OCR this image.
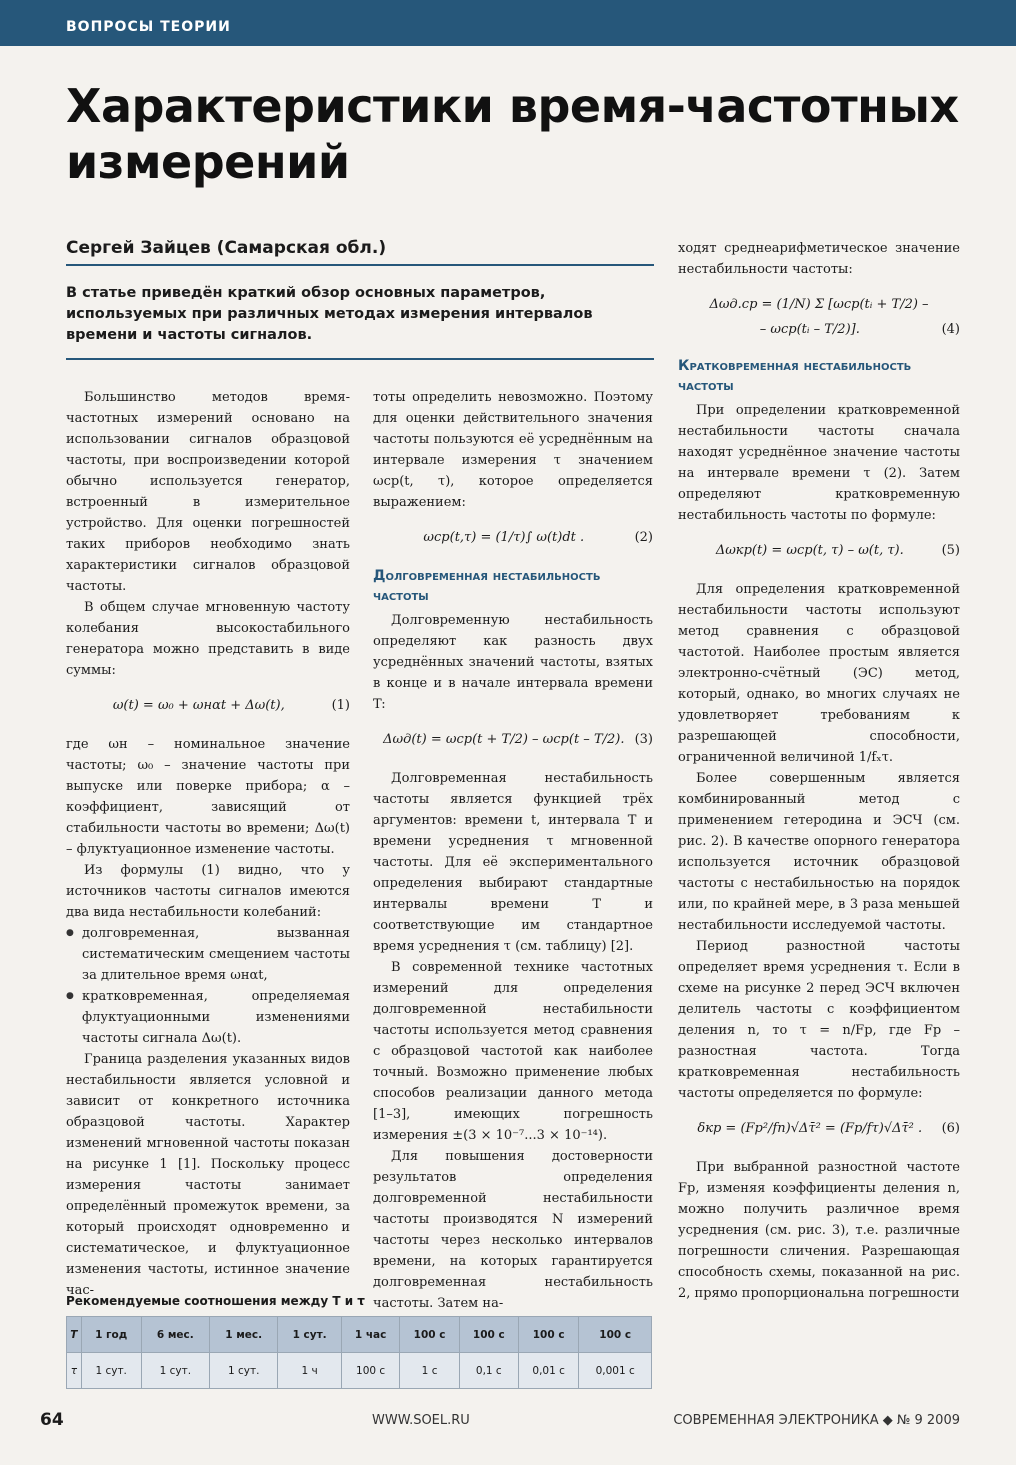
ВОПРОСЫ ТЕОРИИ
Характеристики время-частотных
измерений
Сергей Зайцев (Самарская обл.)
В статье приведён краткий обзор основных параметров, используемых при различных методах измерения интервалов времени и частоты сигналов.

Большинство методов время-частотных измерений основано на использовании сигналов образцовой частоты, при воспроизведении которой обычно используется генератор, встроенный в измерительное устройство. Для оценки погрешностей таких приборов необходимо знать характеристики сигналов образцовой частоты.

В общем случае мгновенную частоту колебания высокостабильного генератора можно представить в виде суммы:

ω(t) = ω₀ + ωнαt + Δω(t),	(1)

где ωн – номинальное значение частоты; ω₀ – значение частоты при выпуске или поверке прибора; α – коэффициент, зависящий от стабильности частоты во времени; Δω(t) – флуктуационное изменение частоты.

Из формулы (1) видно, что у источников частоты сигналов имеются два вида нестабильности колебаний:

● долговременная, вызванная систематическим смещением частоты за длительное время ωнαt,
● кратковременная, определяемая флуктуационными изменениями частоты сигнала Δω(t).

Граница разделения указанных видов нестабильности является условной и зависит от конкретного источника образцовой частоты. Характер изменений мгновенной частоты показан на рисунке 1 [1]. Поскольку процесс измерения частоты занимает определённый промежуток времени, за который происходят одновременно и систематическое, и флуктуационное изменения частоты, истинное значение час-

тоты определить невозможно. Поэтому для оценки действительного значения частоты пользуются её усреднённым на интервале измерения τ значением ωср(t, τ), которое определяется выражением:

ωср(t,τ) = (1/τ)∫ ω(t)dt .	(2)
Долговременная нестабильность частоты

Долговременную нестабильность определяют как разность двух усреднённых значений частоты, взятых в конце и в начале интервала времени T:

Δωд(t) = ωср(t + T/2) – ωср(t – T/2). (3)

Долговременная нестабильность частоты является функцией трёх аргументов: времени t, интервала T и времени усреднения τ мгновенной частоты. Для её экспериментального определения выбирают стандартные интервалы времени T и соответствующие им стандартное время усреднения τ (см. таблицу) [2].

В современной технике частотных измерений для определения долговременной нестабильности частоты используется метод сравнения с образцовой частотой как наиболее точный. Возможно применение любых способов реализации данного метода [1–3], имеющих погрешность измерения ±(3 × 10⁻⁷...3 × 10⁻¹⁴).

Для повышения достоверности результатов определения долговременной нестабильности частоты производятся N измерений частоты через несколько интервалов времени, на которых гарантируется долговременная нестабильность частоты. Затем на-

ходят среднеарифметическое значение нестабильности частоты:

Δωд.ср = (1/N) Σ [ωср(tᵢ + T/2) –
– ωср(tᵢ – T/2)].	(4)
Кратковременная нестабильность частоты

При определении кратковременной нестабильности частоты сначала находят усреднённое значение частоты на интервале времени τ (2). Затем определяют кратковременную нестабильность частоты по формуле:

Δωкр(t) = ωср(t, τ) – ω(t, τ).	(5)

Для определения кратковременной нестабильности частоты используют метод сравнения с образцовой частотой. Наиболее простым является электронно-счётный (ЭС) метод, который, однако, во многих случаях не удовлетворяет требованиям к разрешающей способности, ограниченной величиной 1/fₓτ.

Более совершенным является комбинированный метод с применением гетеродина и ЭСЧ (см. рис. 2). В качестве опорного генератора используется источник образцовой частоты с нестабильностью на порядок или, по крайней мере, в 3 раза меньшей нестабильности исследуемой частоты.

Период разностной частоты определяет время усреднения τ. Если в схеме на рисунке 2 перед ЭСЧ включен делитель частоты с коэффициентом деления n, то τ = n/Fр, где Fр – разностная частота. Тогда кратковременная нестабильность частоты определяется по формуле:

δкр = (Fр²/fn)√Δτ̄² = (Fр/fτ)√Δτ̄² .	(6)

При выбранной разностной частоте Fр, изменяя коэффициенты деления n, можно получить различное время усреднения (см. рис. 3), т.е. различные погрешности сличения. Разрешающая способность схемы, показанной на рис. 2, прямо пропорциональна погрешности

Рекомендуемые соотношения между T и τ
T	1 год	6 мес.	1 мес.	1 сут.	1 час	100 с	100 с	100 с	100 с
τ	1 сут.	1 сут.	1 сут.	1 ч	100 с	1 с	0,1 с	0,01 с	0,001 с
64	WWW.SOEL.RU	СОВРЕМЕННАЯ ЭЛЕКТРОНИКА ◆ № 9 2009
